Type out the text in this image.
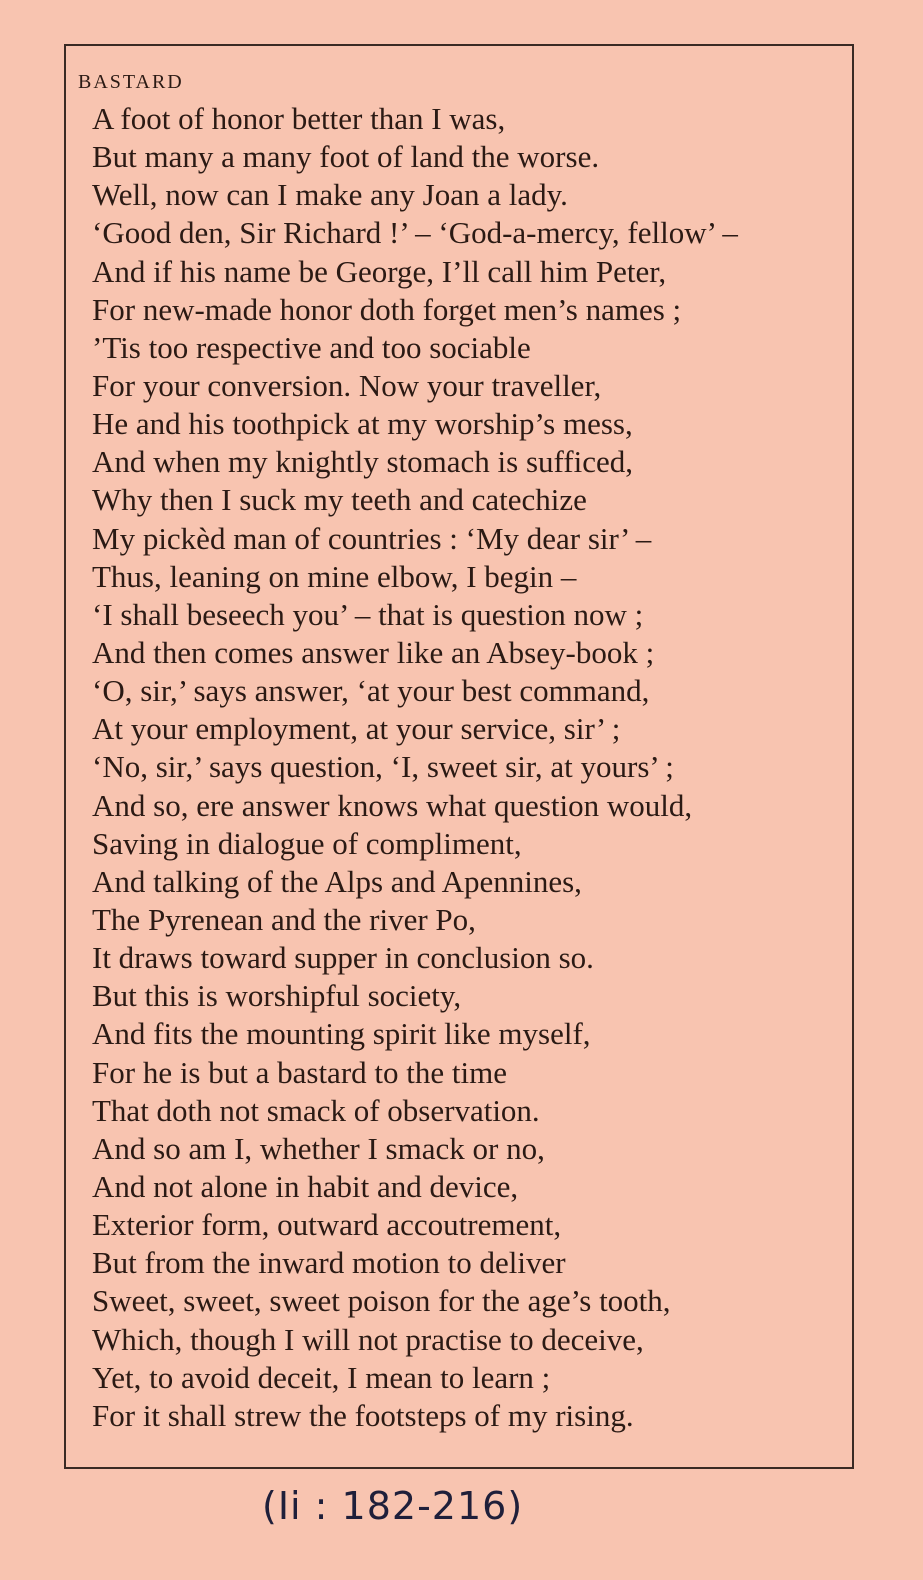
BASTARD
A foot of honor better than I was,
But many a many foot of land the worse.
Well, now can I make any Joan a lady.
‘Good den, Sir Richard !’ – ‘God-a-mercy, fellow’ –
And if his name be George, I’ll call him Peter,
For new-made honor doth forget men’s names ;
’Tis too respective and too sociable
For your conversion. Now your traveller,
He and his toothpick at my worship’s mess,
And when my knightly stomach is sufficed,
Why then I suck my teeth and catechize
My pickèd man of countries : ‘My dear sir’ –
Thus, leaning on mine elbow, I begin –
‘I shall beseech you’ – that is question now ;
And then comes answer like an Absey-book ;
‘O, sir,’ says answer, ‘at your best command,
At your employment, at your service, sir’ ;
‘No, sir,’ says question, ‘I, sweet sir, at yours’ ;
And so, ere answer knows what question would,
Saving in dialogue of compliment,
And talking of the Alps and Apennines,
The Pyrenean and the river Po,
It draws toward supper in conclusion so.
But this is worshipful society,
And fits the mounting spirit like myself,
For he is but a bastard to the time
That doth not smack of observation.
And so am I, whether I smack or no,
And not alone in habit and device,
Exterior form, outward accoutrement,
But from the inward motion to deliver
Sweet, sweet, sweet poison for the age’s tooth,
Which, though I will not practise to deceive,
Yet, to avoid deceit, I mean to learn ;
For it shall strew the footsteps of my rising.
(Ii : 182-216)
